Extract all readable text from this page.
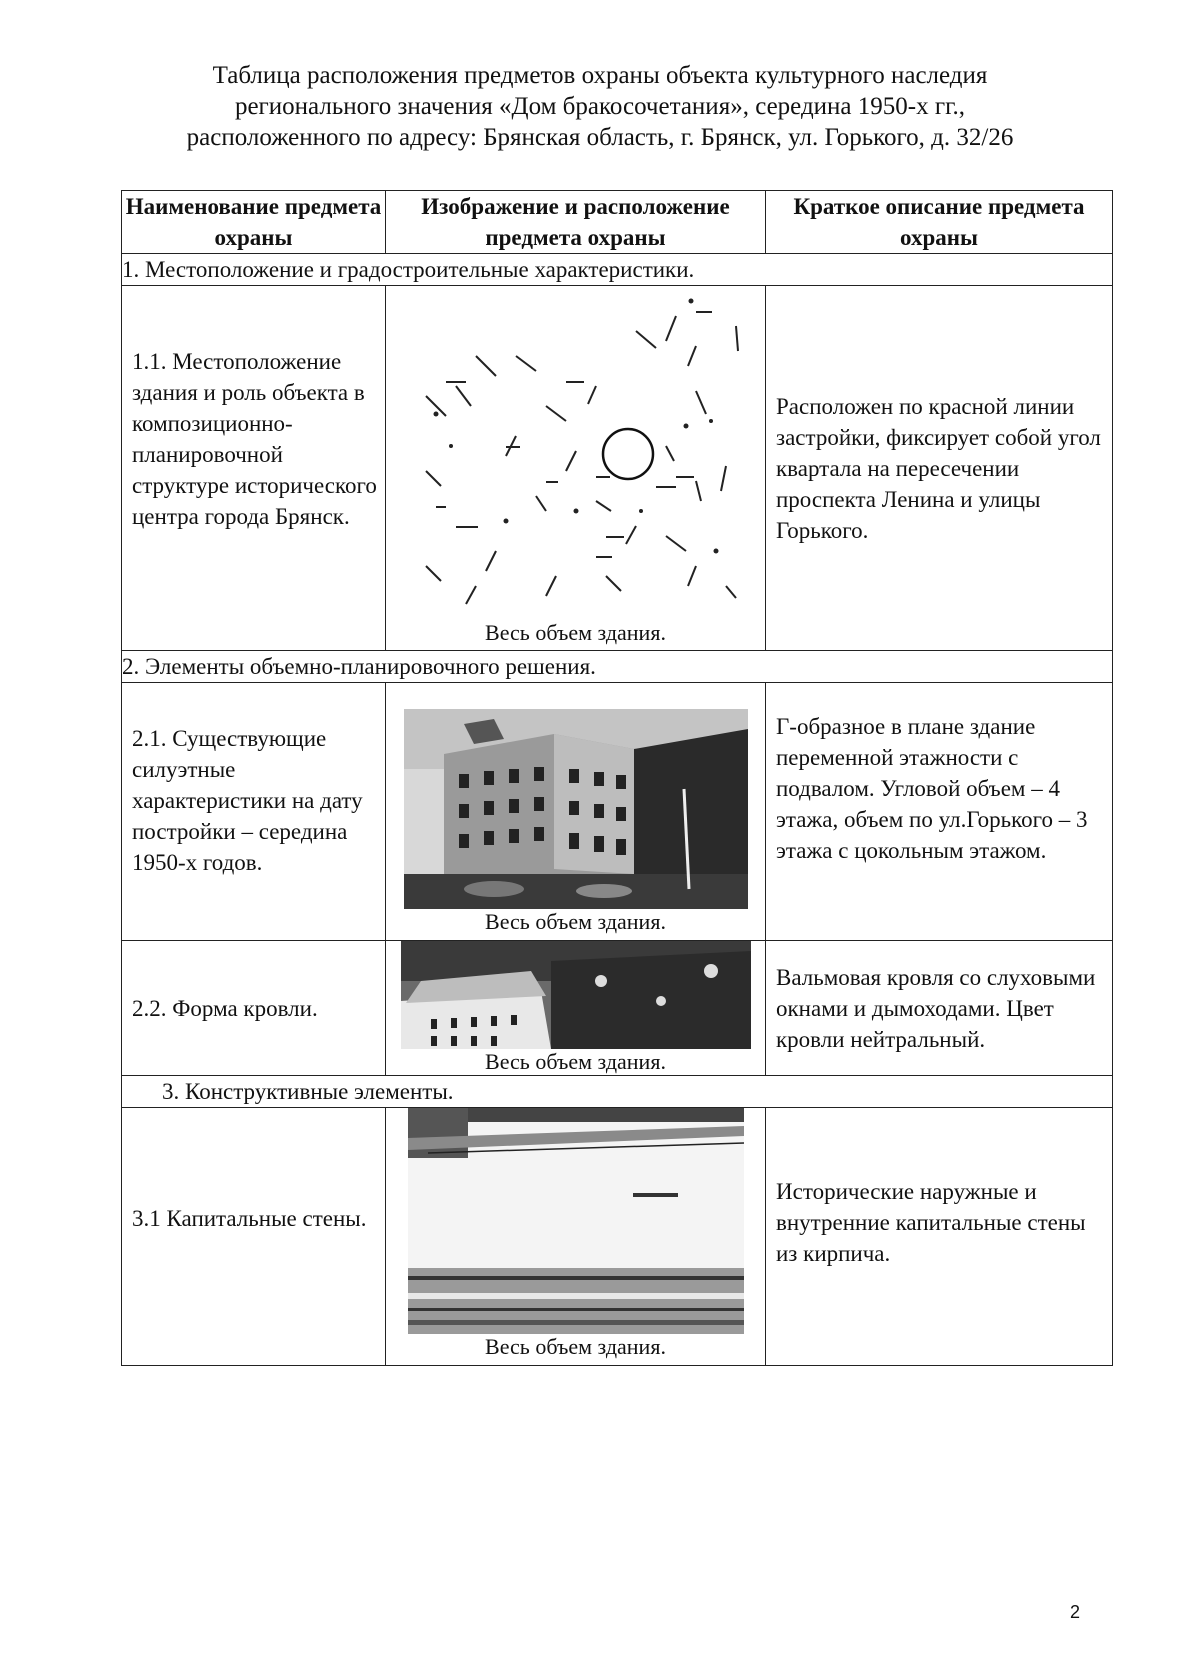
Таблица расположения предметов охраны объекта культурного наследия
регионального значения «Дом бракосочетания», середина 1950-х гг.,
расположенного по адресу: Брянская область, г. Брянск, ул. Горького, д. 32/26
Наименование предмета охраны	Изображение и расположение предмета охраны	Краткое описание предмета охраны
1. Местоположение и градостроительные характеристики.		
1.1. Местоположение здания и роль объекта в композиционно-планировочной структуре исторического центра города Брянск.	Весь объем здания.	Расположен по красной линии застройки, фиксирует собой угол квартала на пересечении проспекта Ленина и улицы Горького.
2. Элементы объемно-планировочного решения.		
2.1. Существующие силуэтные характеристики на дату постройки – середина 1950-х годов.	Весь объем здания.	Г-образное в плане здание переменной этажности с подвалом. Угловой объем – 4 этажа, объем по ул.Горького – 3 этажа с цокольным этажом.
2.2. Форма кровли.	Весь объем здания.	Вальмовая кровля со слуховыми окнами и дымоходами. Цвет кровли нейтральный.
3. Конструктивные элементы.		
3.1 Капитальные стены.	Весь объем здания.	Исторические наружные и внутренние капитальные стены из кирпича.
2
